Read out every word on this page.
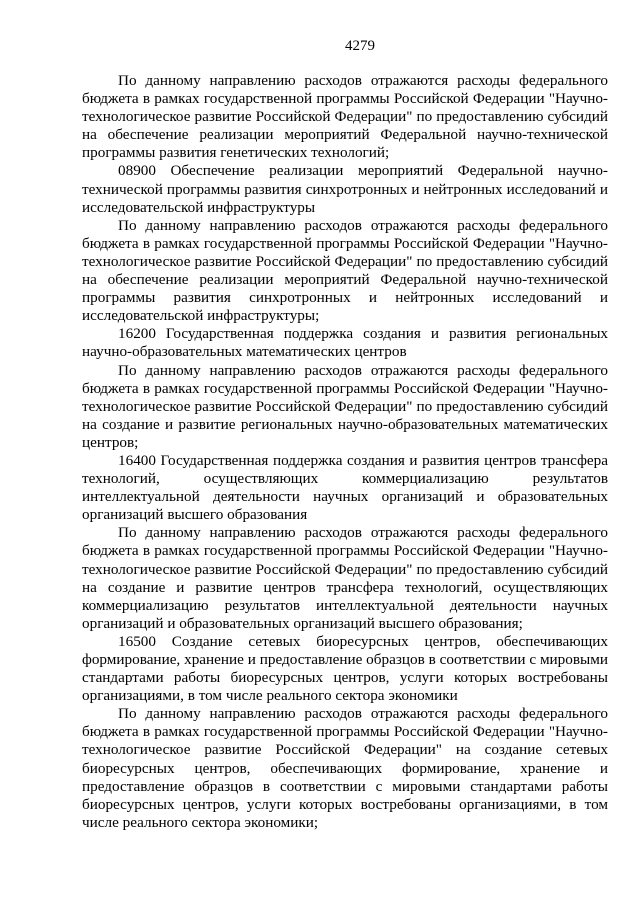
4279

По данному направлению расходов отражаются расходы федерального бюджета в рамках государственной программы Российской Федерации "Научно-технологическое развитие Российской Федерации" по предоставлению субсидий на обеспечение реализации мероприятий Федеральной научно-технической программы развития генетических технологий;

08900 Обеспечение реализации мероприятий Федеральной научно-технической программы развития синхротронных и нейтронных исследований и исследовательской инфраструктуры

По данному направлению расходов отражаются расходы федерального бюджета в рамках государственной программы Российской Федерации "Научно-технологическое развитие Российской Федерации" по предоставлению субсидий на обеспечение реализации мероприятий Федеральной научно-технической программы развития синхротронных и нейтронных исследований и исследовательской инфраструктуры;

16200 Государственная поддержка создания и развития региональных научно-образовательных математических центров

По данному направлению расходов отражаются расходы федерального бюджета в рамках государственной программы Российской Федерации "Научно-технологическое развитие Российской Федерации" по предоставлению субсидий на создание и развитие региональных научно-образовательных математических центров;

16400 Государственная поддержка создания и развития центров трансфера технологий, осуществляющих коммерциализацию результатов интеллектуальной деятельности научных организаций и образовательных организаций высшего образования

По данному направлению расходов отражаются расходы федерального бюджета в рамках государственной программы Российской Федерации "Научно-технологическое развитие Российской Федерации" по предоставлению субсидий на создание и развитие центров трансфера технологий, осуществляющих коммерциализацию результатов интеллектуальной деятельности научных организаций и образовательных организаций высшего образования;

16500 Создание сетевых биоресурсных центров, обеспечивающих формирование, хранение и предоставление образцов в соответствии с мировыми стандартами работы биоресурсных центров, услуги которых востребованы организациями, в том числе реального сектора экономики

По данному направлению расходов отражаются расходы федерального бюджета в рамках государственной программы Российской Федерации "Научно-технологическое развитие Российской Федерации" на создание сетевых биоресурсных центров, обеспечивающих формирование, хранение и предоставление образцов в соответствии с мировыми стандартами работы биоресурсных центров, услуги которых востребованы организациями, в том числе реального сектора экономики;
